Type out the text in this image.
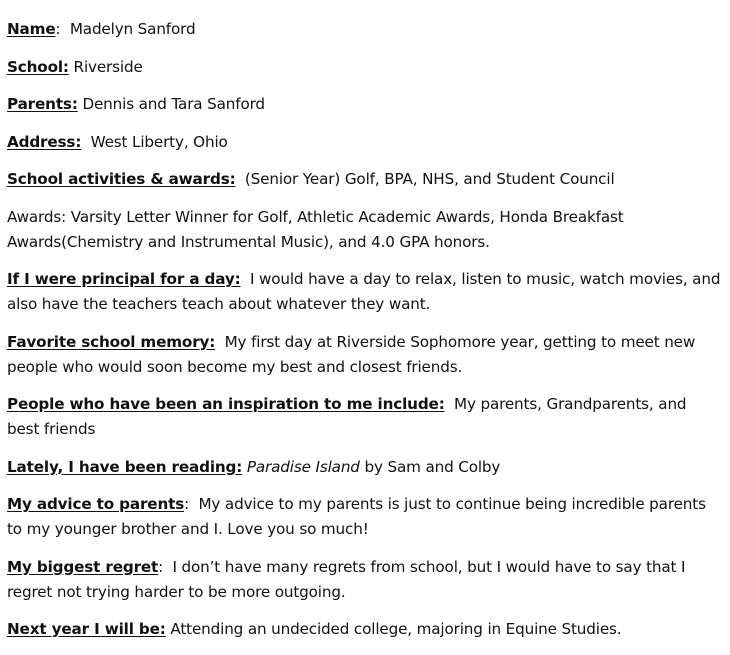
Name: Madelyn Sanford

School: Riverside

Parents: Dennis and Tara Sanford

Address: West Liberty, Ohio

School activities & awards: (Senior Year) Golf, BPA, NHS, and Student Council

Awards: Varsity Letter Winner for Golf, Athletic Academic Awards, Honda Breakfast Awards(Chemistry and Instrumental Music), and 4.0 GPA honors.

If I were principal for a day: I would have a day to relax, listen to music, watch movies, and also have the teachers teach about whatever they want.

Favorite school memory: My first day at Riverside Sophomore year, getting to meet new people who would soon become my best and closest friends.

People who have been an inspiration to me include: My parents, Grandparents, and best friends

Lately, I have been reading: Paradise Island by Sam and Colby

My advice to parents: My advice to my parents is just to continue being incredible parents to my younger brother and I. Love you so much!

My biggest regret: I don’t have many regrets from school, but I would have to say that I regret not trying harder to be more outgoing.

Next year I will be: Attending an undecided college, majoring in Equine Studies.
